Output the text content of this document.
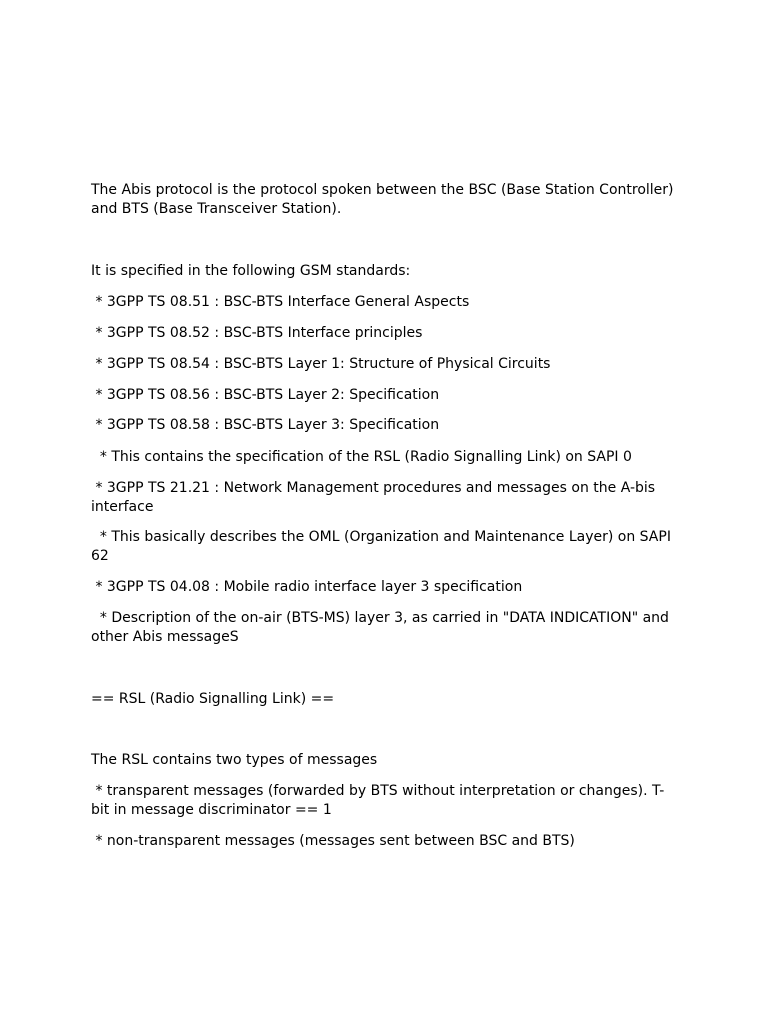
The Abis protocol is the protocol spoken between the BSC (Base Station Controller) and BTS (Base Transceiver Station).

It is specified in the following GSM standards:

* 3GPP TS 08.51 : BSC-BTS Interface General Aspects

* 3GPP TS 08.52 : BSC-BTS Interface principles

* 3GPP TS 08.54 : BSC-BTS Layer 1: Structure of Physical Circuits

* 3GPP TS 08.56 : BSC-BTS Layer 2: Specification

* 3GPP TS 08.58 : BSC-BTS Layer 3: Specification

* This contains the specification of the RSL (Radio Signalling Link) on SAPI 0

* 3GPP TS 21.21 : Network Management procedures and messages on the A-bis interface

* This basically describes the OML (Organization and Maintenance Layer) on SAPI 62

* 3GPP TS 04.08 : Mobile radio interface layer 3 specification

* Description of the on-air (BTS-MS) layer 3, as carried in "DATA INDICATION" and other Abis messageS

== RSL (Radio Signalling Link) ==

The RSL contains two types of messages

* transparent messages (forwarded by BTS without interpretation or changes). T-bit in message discriminator == 1

* non-transparent messages (messages sent between BSC and BTS)
